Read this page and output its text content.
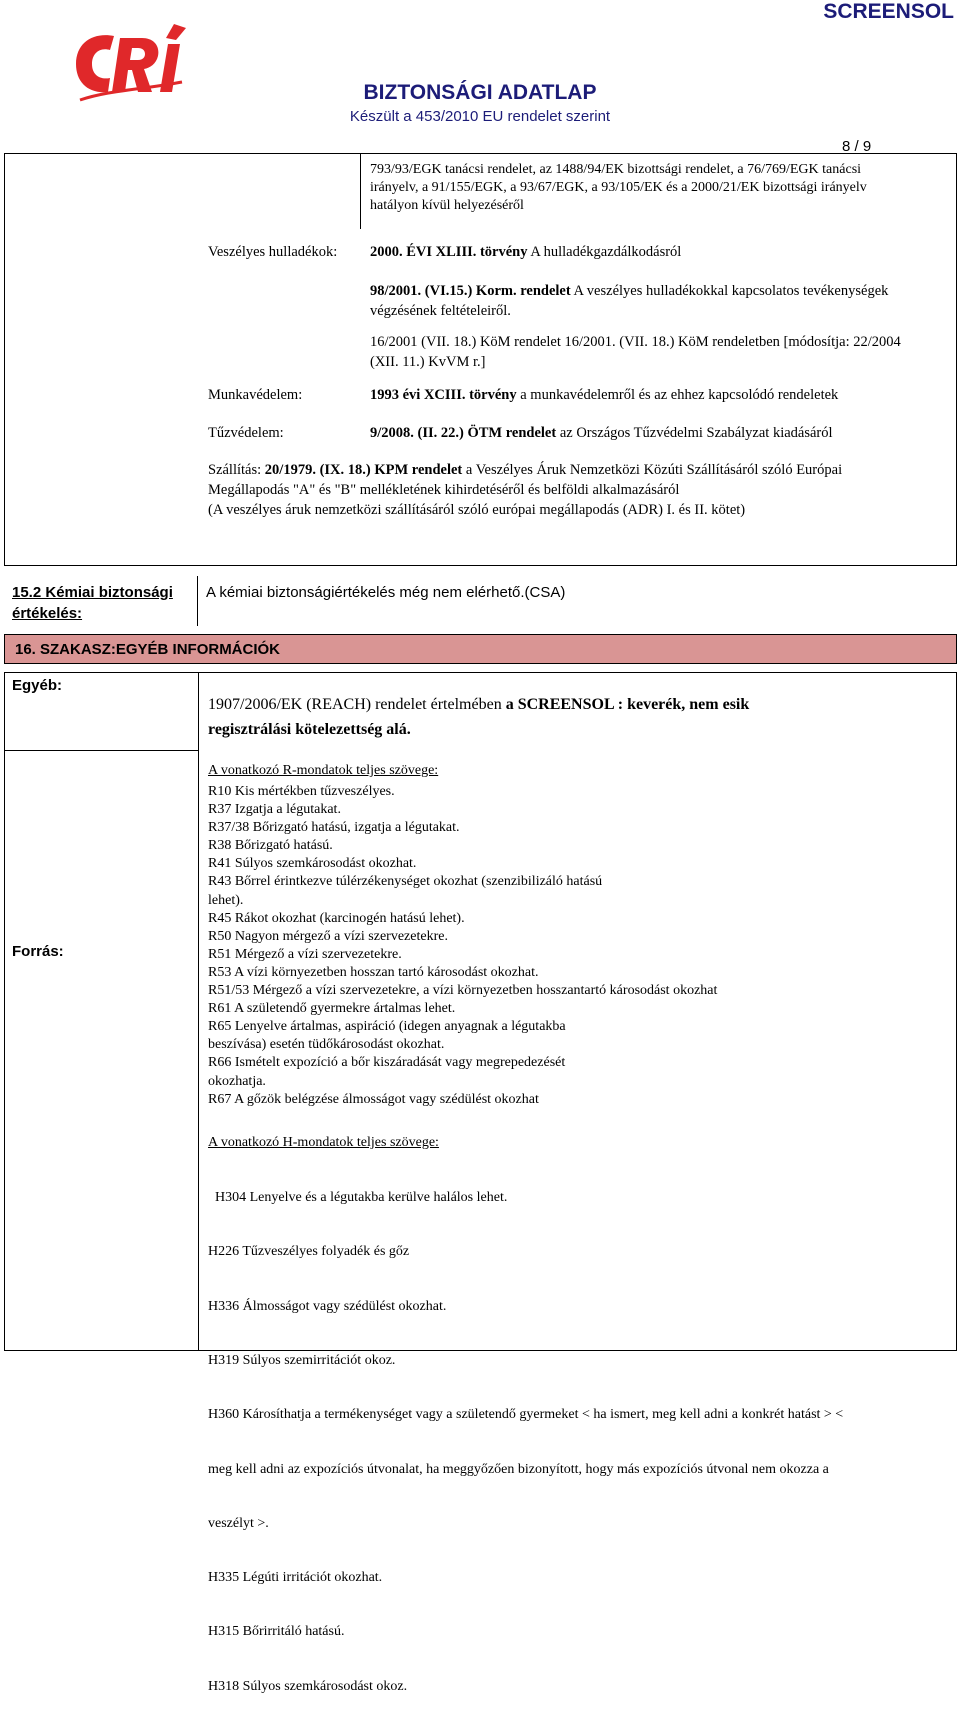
SCREENSOL
BIZTONSÁGI ADATLAP
Készült a 453/2010 EU rendelet szerint
8 / 9
793/93/EGK tanácsi rendelet, az 1488/94/EK bizottsági rendelet, a 76/769/EGK tanácsi
irányelv, a 91/155/EGK, a 93/67/EGK, a 93/105/EK és a 2000/21/EK bizottsági irányelv
hatályon kívül helyezéséről
Veszélyes hulladékok: 2000. ÉVI XLIII. törvény A hulladékgazdálkodásról
98/2001. (VI.15.) Korm. rendelet A veszélyes hulladékokkal kapcsolatos tevékenységek
végzésének feltételeiről.
16/2001 (VII. 18.) KöM rendelet 16/2001. (VII. 18.) KöM rendeletben [módosítja: 22/2004
(XII. 11.) KvVM r.]
Munkavédelem:	1993 évi XCIII. törvény a munkavédelemről és az ehhez kapcsolódó rendeletek
Tűzvédelem:	9/2008. (II. 22.) ÖTM rendelet az Országos Tűzvédelmi Szabályzat kiadásáról
Szállítás: 20/1979. (IX. 18.) KPM rendelet a Veszélyes Áruk Nemzetközi Közúti Szállításáról szóló Európai
Megállapodás "A" és "B" mellékletének kihirdetéséről és belföldi alkalmazásáról
(A veszélyes áruk nemzetközi szállításáról szóló európai megállapodás (ADR) I. és II. kötet)
15.2 Kémiai biztonsági
értékelés:
A kémiai biztonságiértékelés még nem elérhető.(CSA)
16. SZAKASZ:EGYÉB INFORMÁCIÓK
Egyéb:
1907/2006/EK (REACH) rendelet értelmében a SCREENSOL : keverék, nem esik
regisztrálási kötelezettség alá.
Forrás:
A vonatkozó R-mondatok teljes szövege:
R10 Kis mértékben tűzveszélyes.
R37 Izgatja a légutakat.
R37/38 Bőrizgató hatású, izgatja a légutakat.
R38 Bőrizgató hatású.
R41 Súlyos szemkárosodást okozhat.
R43 Bőrrel érintkezve túlérzékenységet okozhat (szenzibilizáló hatású
lehet).
R45 Rákot okozhat (karcinogén hatású lehet).
R50 Nagyon mérgező a vízi szervezetekre.
R51 Mérgező a vízi szervezetekre.
R53 A vízi környezetben hosszan tartó károsodást okozhat.
R51/53 Mérgező a vízi szervezetekre, a vízi környezetben hosszantartó károsodást okozhat
R61 A születendő gyermekre ártalmas lehet.
R65 Lenyelve ártalmas, aspiráció (idegen anyagnak a légutakba
beszívása) esetén tüdőkárosodást okozhat.
R66 Ismételt expozíció a bőr kiszáradását vagy megrepedezését
okozhatja.
R67 A gőzök belégzése álmosságot vagy szédülést okozhat
A vonatkozó H-mondatok teljes szövege:

H304 Lenyelve és a légutakba kerülve halálos lehet.

H226 Tűzveszélyes folyadék és gőz

H336 Álmosságot vagy szédülést okozhat.

H319 Súlyos szemirritációt okoz.

H360 Károsíthatja a termékenységet vagy a születendő gyermeket < ha ismert, meg kell adni a konkrét hatást > <

meg kell adni az expozíciós útvonalat, ha meggyőzően bizonyított, hogy más expozíciós útvonal nem okozza a

veszélyt >.

H335 Légúti irritációt okozhat.

H315 Bőrirritáló hatású.

H318 Súlyos szemkárosodást okoz.
